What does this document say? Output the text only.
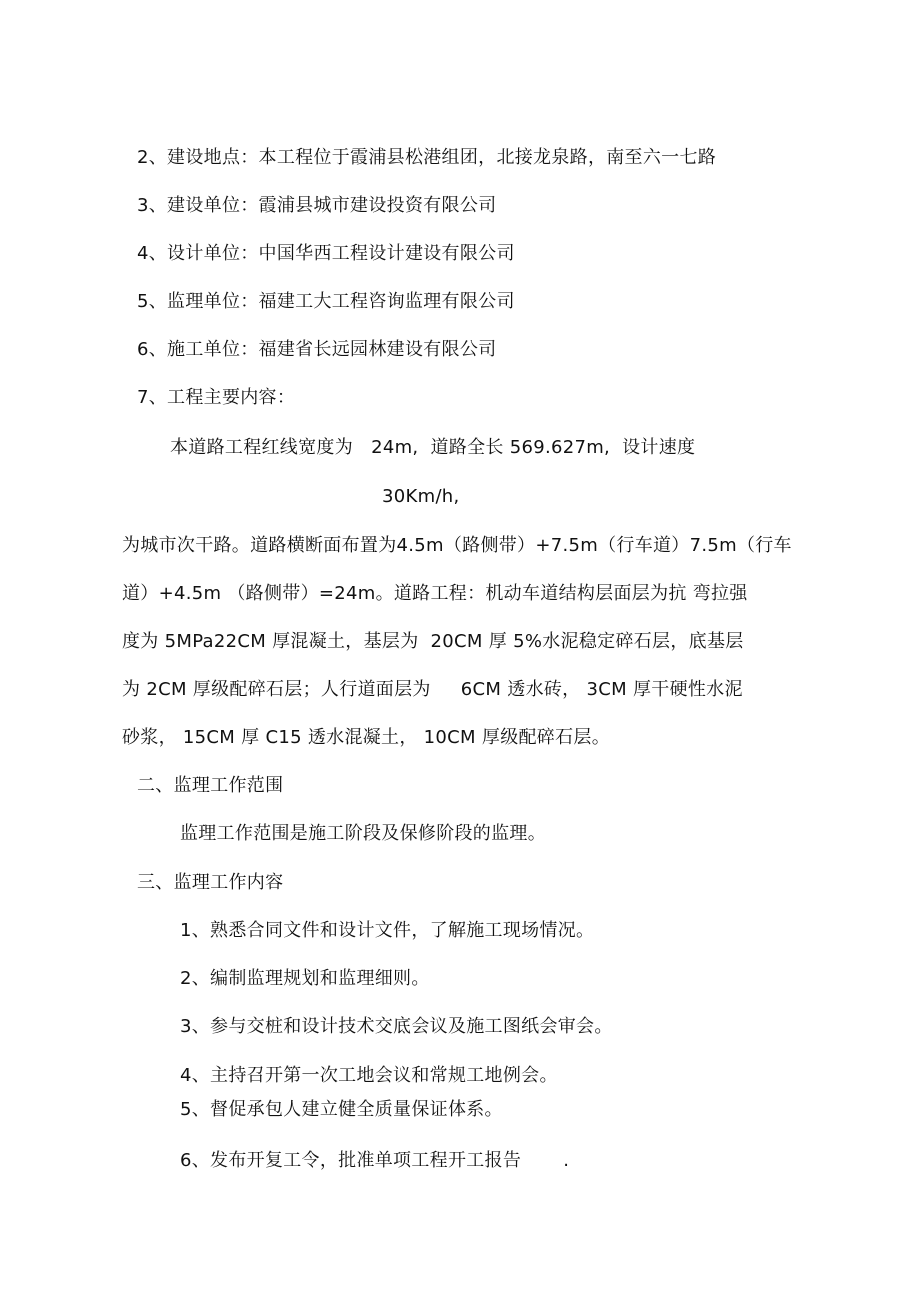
2、建设地点：本工程位于霞浦县松港组团，北接龙泉路，南至六一七路
3、建设单位：霞浦县城市建设投资有限公司
4、设计单位：中国华西工程设计建设有限公司
5、监理单位：福建工大工程咨询监理有限公司
6、施工单位：福建省长远园林建设有限公司
7、工程主要内容：
本道路工程红线宽度为   24m,  道路全长 569.627m,  设计速度
30Km/h,
为城市次干路。道路横断面布置为4.5m（路侧带）+7.5m（行车道）7.5m（行车
道）+4.5m （路侧带）=24m。道路工程：机动车道结构层面层为抗 弯拉强
度为 5MPa22CM 厚混凝土，基层为  20CM 厚 5%水泥稳定碎石层，底基层
为 2CM 厚级配碎石层；人行道面层为     6CM 透水砖， 3CM 厚干硬性水泥
砂浆， 15CM 厚 C15 透水混凝土， 10CM 厚级配碎石层。
二、监理工作范围
监理工作范围是施工阶段及保修阶段的监理。
三、监理工作内容
1、熟悉合同文件和设计文件，了解施工现场情况。
2、编制监理规划和监理细则。
3、参与交桩和设计技术交底会议及施工图纸会审会。
4、主持召开第一次工地会议和常规工地例会。
5、督促承包人建立健全质量保证体系。
6、发布开复工令，批准单项工程开工报告       .
